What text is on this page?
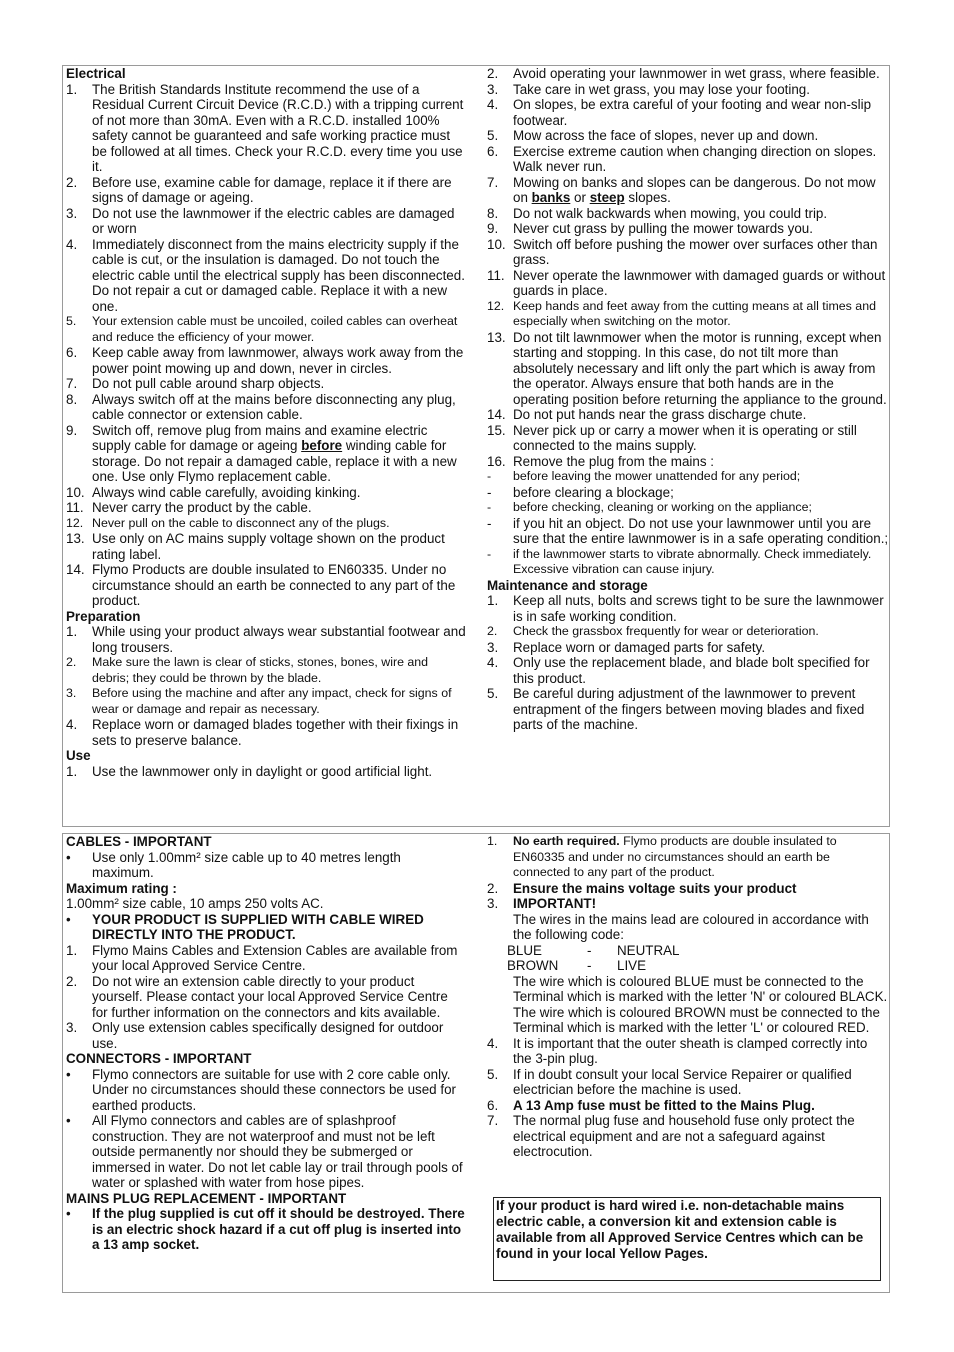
Electrical

1.	The British Standards Institute recommend the use of a Residual Current Circuit Device (R.C.D.) with a tripping current of not more than 30mA. Even with a R.C.D. installed 100% safety cannot be guaranteed and safe working practice must be followed at all times. Check your R.C.D. every time you use it.

2.	Before use, examine cable for damage, replace it if there are signs of damage or ageing.

3.	Do not use the lawnmower if the electric cables are damaged or worn

4.	Immediately disconnect from the mains electricity supply if the cable is cut, or the insulation is damaged. Do not touch the electric cable until the electrical supply has been disconnected. Do not repair a cut or damaged cable. Replace it with a new one.

5.	Your extension cable must be uncoiled, coiled cables can overheat and reduce the efficiency of your mower.

6.	Keep cable away from lawnmower, always work away from the power point mowing up and down, never in circles.

7.	Do not pull cable around sharp objects.

8.	Always switch off at the mains before disconnecting any plug, cable connector or extension cable.

9.	Switch off, remove plug from mains and examine electric supply cable for damage or ageing before winding cable for storage. Do not repair a damaged cable, replace it with a new one. Use only Flymo replacement cable.

10. Always wind cable carefully, avoiding kinking.

11. Never carry the product by the cable.

12. Never pull on the cable to disconnect any of the plugs.

13. Use only on AC mains supply voltage shown on the product rating label.

14. Flymo Products are double insulated to EN60335. Under no circumstance should an earth be connected to any part of the product.

Preparation

1.	While using your product always wear substantial footwear and long trousers.

2.	Make sure the lawn is clear of sticks, stones, bones, wire and debris; they could be thrown by the blade.

3.	Before using the machine and after any impact, check for signs of wear or damage and repair as necessary.

4.	Replace worn or damaged blades together with their fixings in sets to preserve balance.

Use

1.	Use the lawnmower only in daylight or good artificial light.

2.	Avoid operating your lawnmower in wet grass, where feasible.

3.	Take care in wet grass, you may lose your footing.

4.	On slopes, be extra careful of your footing and wear non-slip footwear.

5.	Mow across the face of slopes, never up and down.

6.	Exercise extreme caution when changing direction on slopes. Walk never run.

7.	Mowing on banks and slopes can be dangerous. Do not mow on banks or steep slopes.

8.	Do not walk backwards when mowing, you could trip.

9.	Never cut grass by pulling the mower towards you.

10. Switch off before pushing the mower over surfaces other than grass.

11. Never operate the lawnmower with damaged guards or without guards in place.

12. Keep hands and feet away from the cutting means at all times and especially when switching on the motor.

13. Do not tilt lawnmower when the motor is running, except when starting and stopping. In this case, do not tilt more than absolutely necessary and lift only the part which is away from the operator. Always ensure that both hands are in the operating position before returning the appliance to the ground.

14. Do not put hands near the grass discharge chute.

15. Never pick up or carry a mower when it is operating or still connected to the mains supply.

16. Remove the plug from the mains :

-	before leaving the mower unattended for any period;

-	before clearing a blockage;

-	before checking, cleaning or working on the appliance;

-	if you hit an object. Do not use your lawnmower until you are sure that the entire lawnmower is in a safe operating condition.;

-	if the lawnmower starts to vibrate abnormally. Check immediately. Excessive vibration can cause injury.

Maintenance and storage

1.	Keep all nuts, bolts and screws tight to be sure the lawnmower is in safe working condition.

2.	Check the grassbox frequently for wear or deterioration.

3.	Replace worn or damaged parts for safety.

4.	Only use the replacement blade, and blade bolt specified for this product.

5.	Be careful during adjustment of the lawnmower to prevent entrapment of the fingers between moving blades and fixed parts of the machine.

CABLES - IMPORTANT

•	Use only 1.00mm² size cable up to 40 metres length maximum.

Maximum rating :

1.00mm² size cable, 10 amps 250 volts AC.

•	YOUR PRODUCT IS SUPPLIED WITH CABLE WIRED DIRECTLY INTO THE PRODUCT.

1.	Flymo Mains Cables and Extension Cables are available from your local Approved Service Centre.

2.	Do not wire an extension cable directly to your product yourself. Please contact your local Approved Service Centre for further information on the connectors and kits available.

3.	Only use extension cables specifically designed for outdoor use.

CONNECTORS - IMPORTANT

•	Flymo connectors are suitable for use with 2 core cable only. Under no circumstances should these connectors be used for earthed products.

•	All Flymo connectors and cables are of splashproof construction. They are not waterproof and must not be left outside permanently nor should they be submerged or immersed in water. Do not let cable lay or trail through pools of water or splashed with water from hose pipes.

MAINS PLUG REPLACEMENT - IMPORTANT

•	If the plug supplied is cut off it should be destroyed. There is an electric shock hazard if a cut off plug is inserted into a 13 amp socket.

1.	No earth required. Flymo products are double insulated to EN60335 and under no circumstances should an earth be connected to any part of the product.

2.	Ensure the mains voltage suits your product

3.	IMPORTANT!

The wires in the mains lead are coloured in accordance with the following code:

BLUE	-	NEUTRAL

BROWN	-	LIVE

The wire which is coloured BLUE must be connected to the Terminal which is marked with the letter 'N' or coloured BLACK.

The wire which is coloured BROWN must be connected to the Terminal which is marked with the letter 'L' or coloured RED.

4.	It is important that the outer sheath is clamped correctly into the 3-pin plug.

5.	If in doubt consult your local Service Repairer or qualified electrician before the machine is used.

6.	A 13 Amp fuse must be fitted to the Mains Plug.

7.	The normal plug fuse and household fuse only protect the electrical equipment and are not a safeguard against electrocution.

If your product is hard wired i.e. non-detachable mains electric cable, a conversion kit and extension cable is available from all Approved Service Centres which can be found in your local Yellow Pages.
